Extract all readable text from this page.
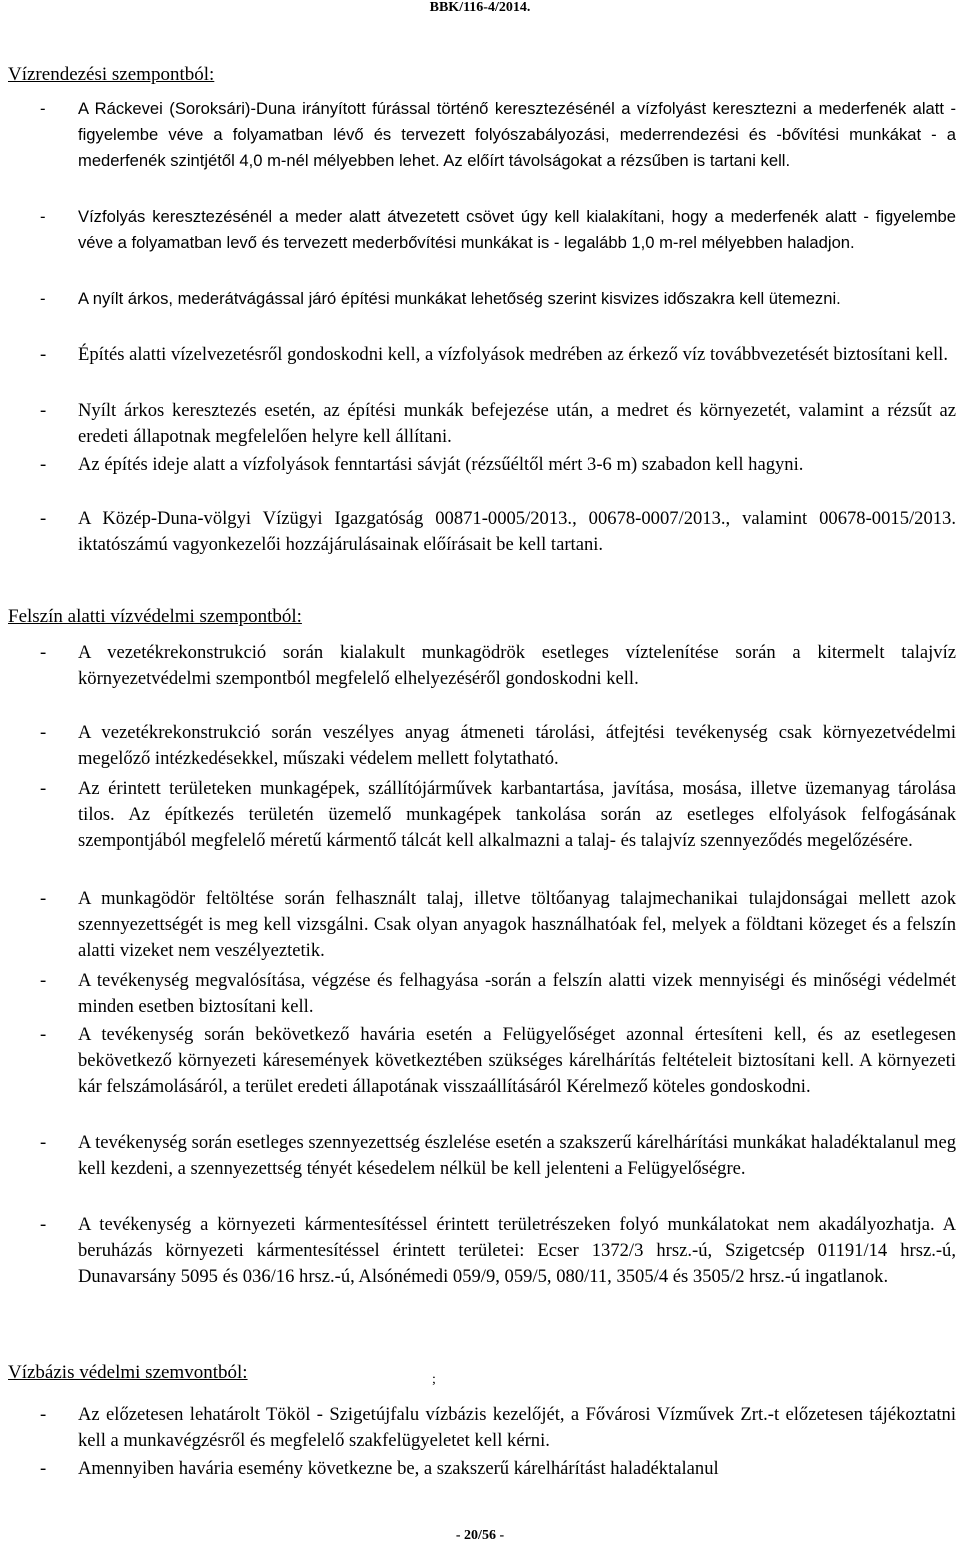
BBK/116-4/2014.
Vízrendezési szempontból:
-	A Ráckevei (Soroksári)-Duna irányított fúrással történő keresztezésénél a vízfolyást keresztezni a mederfenék alatt - figyelembe véve a folyamatban lévő és tervezett folyószabályozási, mederrendezési és -bővítési munkákat - a mederfenék szintjétől 4,0 m-nél mélyebben lehet. Az előírt távolságokat a rézsűben is tartani kell.
-	Vízfolyás keresztezésénél a meder alatt átvezetett csövet úgy kell kialakítani, hogy a mederfenék alatt - figyelembe véve a folyamatban levő és tervezett mederbővítési munkákat is - legalább 1,0 m-rel mélyebben haladjon.
-	A nyílt árkos, mederátvágással járó építési munkákat lehetőség szerint kisvizes időszakra kell ütemezni.
-	Építés alatti vízelvezetésről gondoskodni kell, a vízfolyások medrében az érkező víz továbbvezetését biztosítani kell.
-	Nyílt árkos keresztezés esetén, az építési munkák befejezése után, a medret és környezetét, valamint a rézsűt az eredeti állapotnak megfelelően helyre kell állítani.
-	Az építés ideje alatt a vízfolyások fenntartási sávját (rézsűéltől mért 3-6 m) szabadon kell hagyni.
-	A Közép-Duna-völgyi Vízügyi Igazgatóság 00871-0005/2013., 00678-0007/2013., valamint 00678-0015/2013. iktatószámú vagyonkezelői hozzájárulásainak előírásait be kell tartani.
Felszín alatti vízvédelmi szempontból:
-	A vezetékrekonstrukció során kialakult munkagödrök esetleges víztelenítése során a kitermelt talajvíz környezetvédelmi szempontból megfelelő elhelyezéséről gondoskodni kell.
-	A vezetékrekonstrukció során veszélyes anyag átmeneti tárolási, átfejtési tevékenység csak környezetvédelmi megelőző intézkedésekkel, műszaki védelem mellett folytatható.
-	Az érintett területeken munkagépek, szállítójárművek karbantartása, javítása, mosása, illetve üzemanyag tárolása tilos. Az építkezés területén üzemelő munkagépek tankolása során az esetleges elfolyások felfogásának szempontjából megfelelő méretű kármentő tálcát kell alkalmazni a talaj- és talajvíz szennyeződés megelőzésére.
-	A munkagödör feltöltése során felhasznált talaj, illetve töltőanyag talajmechanikai tulajdonságai mellett azok szennyezettségét is meg kell vizsgálni. Csak olyan anyagok használhatóak fel, melyek a földtani közeget és a felszín alatti vizeket nem veszélyeztetik.
-	A tevékenység megvalósítása, végzése és felhagyása -során a felszín alatti vizek mennyiségi és minőségi védelmét minden esetben biztosítani kell.
-	A tevékenység során bekövetkező havária esetén a Felügyelőséget azonnal értesíteni kell, és az esetlegesen bekövetkező környezeti káresemények következtében szükséges kárelhárítás feltételeit biztosítani kell. A környezeti kár felszámolásáról, a terület eredeti állapotának visszaállításáról Kérelmező köteles gondoskodni.
-	A tevékenység során esetleges szennyezettség észlelése esetén a szakszerű kárelhárítási munkákat haladéktalanul meg kell kezdeni, a szennyezettség tényét késedelem nélkül be kell jelenteni a Felügyelőségre.
-	A tevékenység a környezeti kármentesítéssel érintett területrészeken folyó munkálatokat nem akadályozhatja. A beruházás környezeti kármentesítéssel érintett területei: Ecser 1372/3 hrsz.-ú, Szigetcsép 01191/14 hrsz.-ú, Dunavarsány 5095 és 036/16 hrsz.-ú, Alsónémedi 059/9, 059/5, 080/11, 3505/4 és 3505/2 hrsz.-ú ingatlanok.
Vízbázis védelmi szemvontból:	;
-	Az előzetesen lehatárolt Tököl - Szigetújfalu vízbázis kezelőjét, a Fővárosi Vízművek Zrt.-t előzetesen tájékoztatni kell a munkavégzésről és megfelelő szakfelügyeletet kell kérni.
-	Amennyiben havária esemény következne be, a szakszerű kárelhárítást haladéktalanul
- 20/56 -
